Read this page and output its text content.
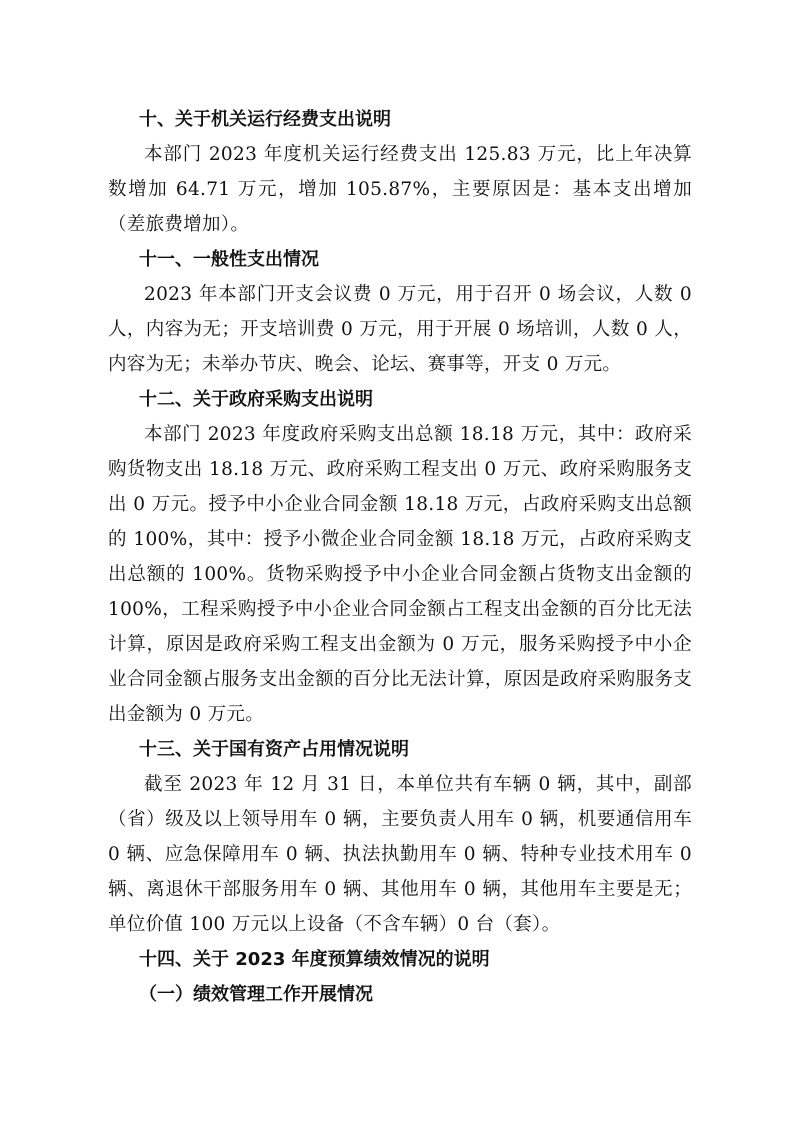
十、关于机关运行经费支出说明

本部门 2023 年度机关运行经费支出 125.83 万元，比上年决算数增加 64.71 万元，增加 105.87%，主要原因是：基本支出增加（差旅费增加）。

十一、一般性支出情况

2023 年本部门开支会议费 0 万元，用于召开 0 场会议，人数 0 人，内容为无；开支培训费 0 万元，用于开展 0 场培训，人数 0 人，内容为无；未举办节庆、晚会、论坛、赛事等，开支 0 万元。

十二、关于政府采购支出说明

本部门 2023 年度政府采购支出总额 18.18 万元，其中：政府采购货物支出 18.18 万元、政府采购工程支出 0 万元、政府采购服务支出 0 万元。授予中小企业合同金额 18.18 万元，占政府采购支出总额的 100%，其中：授予小微企业合同金额 18.18 万元，占政府采购支出总额的 100%。货物采购授予中小企业合同金额占货物支出金额的 100%，工程采购授予中小企业合同金额占工程支出金额的百分比无法计算，原因是政府采购工程支出金额为 0 万元，服务采购授予中小企业合同金额占服务支出金额的百分比无法计算，原因是政府采购服务支出金额为 0 万元。

十三、关于国有资产占用情况说明

截至 2023 年 12 月 31 日，本单位共有车辆 0 辆，其中，副部（省）级及以上领导用车 0 辆，主要负责人用车 0 辆，机要通信用车 0 辆、应急保障用车 0 辆、执法执勤用车 0 辆、特种专业技术用车 0 辆、离退休干部服务用车 0 辆、其他用车 0 辆，其他用车主要是无；单位价值 100 万元以上设备（不含车辆）0 台（套）。

十四、关于 2023 年度预算绩效情况的说明
（一）绩效管理工作开展情况
